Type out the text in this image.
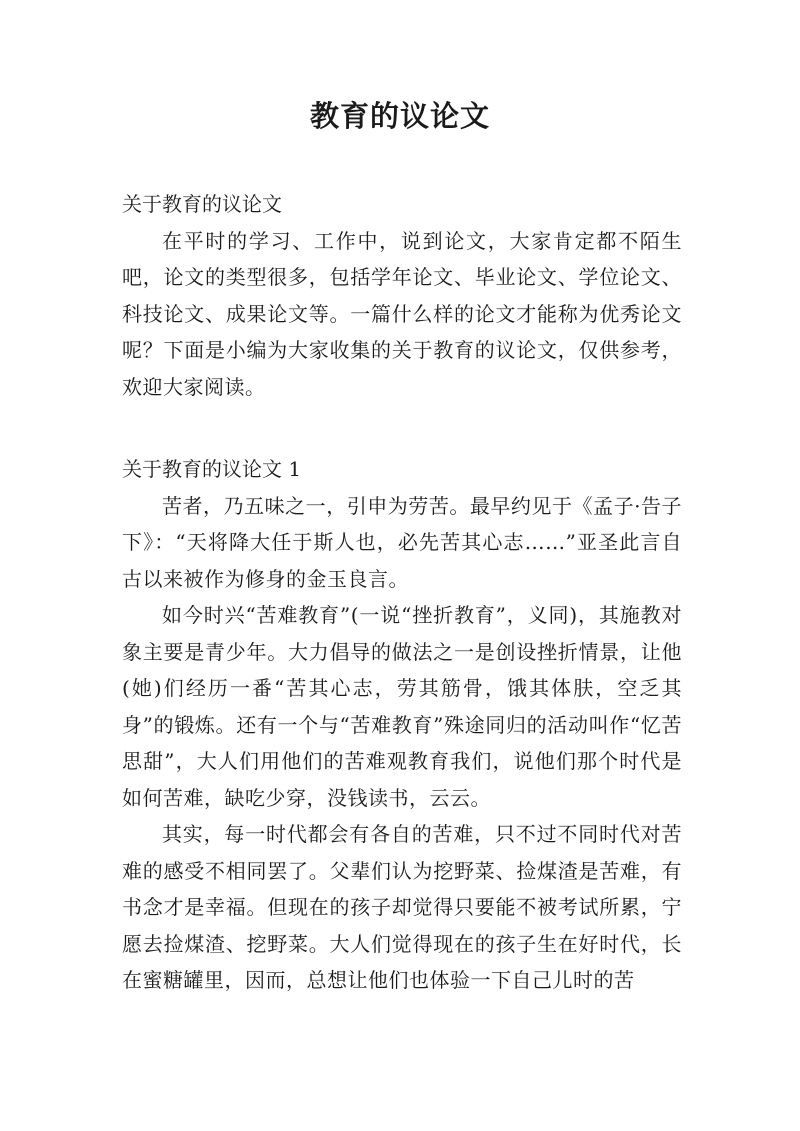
教育的议论文

关于教育的议论文

在平时的学习、工作中，说到论文，大家肯定都不陌生吧，论文的类型很多，包括学年论文、毕业论文、学位论文、科技论文、成果论文等。一篇什么样的论文才能称为优秀论文呢？下面是小编为大家收集的关于教育的议论文，仅供参考，欢迎大家阅读。

关于教育的议论文 1

苦者，乃五味之一，引申为劳苦。最早约见于《孟子·告子下》：“天将降大任于斯人也，必先苦其心志……”亚圣此言自古以来被作为修身的金玉良言。

如今时兴“苦难教育”(一说“挫折教育”，义同)，其施教对象主要是青少年。大力倡导的做法之一是创设挫折情景，让他(她)们经历一番“苦其心志，劳其筋骨，饿其体肤，空乏其身”的锻炼。还有一个与“苦难教育”殊途同归的活动叫作“忆苦思甜”，大人们用他们的苦难观教育我们，说他们那个时代是如何苦难，缺吃少穿，没钱读书，云云。

其实，每一时代都会有各自的苦难，只不过不同时代对苦难的感受不相同罢了。父辈们认为挖野菜、捡煤渣是苦难，有书念才是幸福。但现在的孩子却觉得只要能不被考试所累，宁愿去捡煤渣、挖野菜。大人们觉得现在的孩子生在好时代，长在蜜糖罐里，因而，总想让他们也体验一下自己儿时的苦
